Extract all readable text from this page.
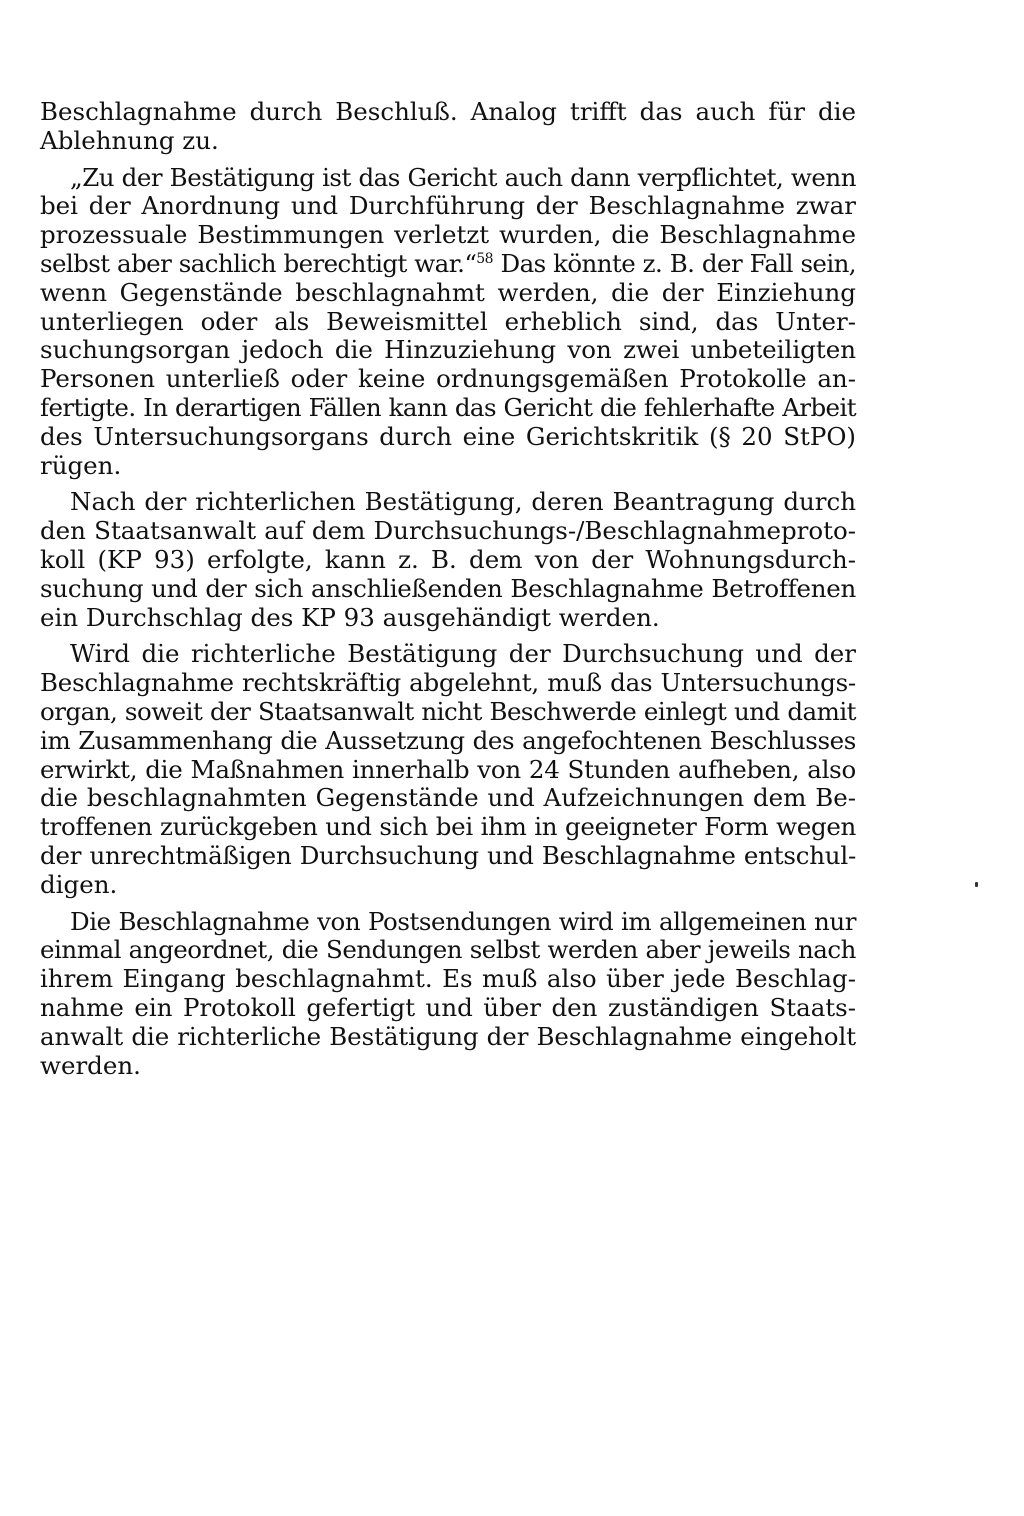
Beschlagnahme durch Beschluß. Analog trifft das auch für die
Ablehnung zu.
„Zu der Bestätigung ist das Gericht auch dann verpflichtet, wenn
bei der Anordnung und Durchführung der Beschlagnahme zwar
prozessuale Bestimmungen verletzt wurden, die Beschlagnahme
selbst aber sachlich berechtigt war.“$^{58}$ Das könnte z. B. der Fall sein,
wenn Gegenstände beschlagnahmt werden, die der Einziehung
unterliegen oder als Beweismittel erheblich sind, das Unter-
suchungsorgan jedoch die Hinzuziehung von zwei unbeteiligten
Personen unterließ oder keine ordnungsgemäßen Protokolle an-
fertigte. In derartigen Fällen kann das Gericht die fehlerhafte Arbeit
des Untersuchungsorgans durch eine Gerichtskritik (§ 20 StPO)
rügen.
Nach der richterlichen Bestätigung, deren Beantragung durch
den Staatsanwalt auf dem Durchsuchungs-/Beschlagnahmeproto-
koll (KP 93) erfolgte, kann z. B. dem von der Wohnungsdurch-
suchung und der sich anschließenden Beschlagnahme Betroffenen
ein Durchschlag des KP 93 ausgehändigt werden.
Wird die richterliche Bestätigung der Durchsuchung und der
Beschlagnahme rechtskräftig abgelehnt, muß das Untersuchungs-
organ, soweit der Staatsanwalt nicht Beschwerde einlegt und damit
im Zusammenhang die Aussetzung des angefochtenen Beschlusses
erwirkt, die Maßnahmen innerhalb von 24 Stunden aufheben, also
die beschlagnahmten Gegenstände und Aufzeichnungen dem Be-
troffenen zurückgeben und sich bei ihm in geeigneter Form wegen
der unrechtmäßigen Durchsuchung und Beschlagnahme entschul-
digen.
Die Beschlagnahme von Postsendungen wird im allgemeinen nur
einmal angeordnet, die Sendungen selbst werden aber jeweils nach
ihrem Eingang beschlagnahmt. Es muß also über jede Beschlag-
nahme ein Protokoll gefertigt und über den zuständigen Staats-
anwalt die richterliche Bestätigung der Beschlagnahme eingeholt
werden.
